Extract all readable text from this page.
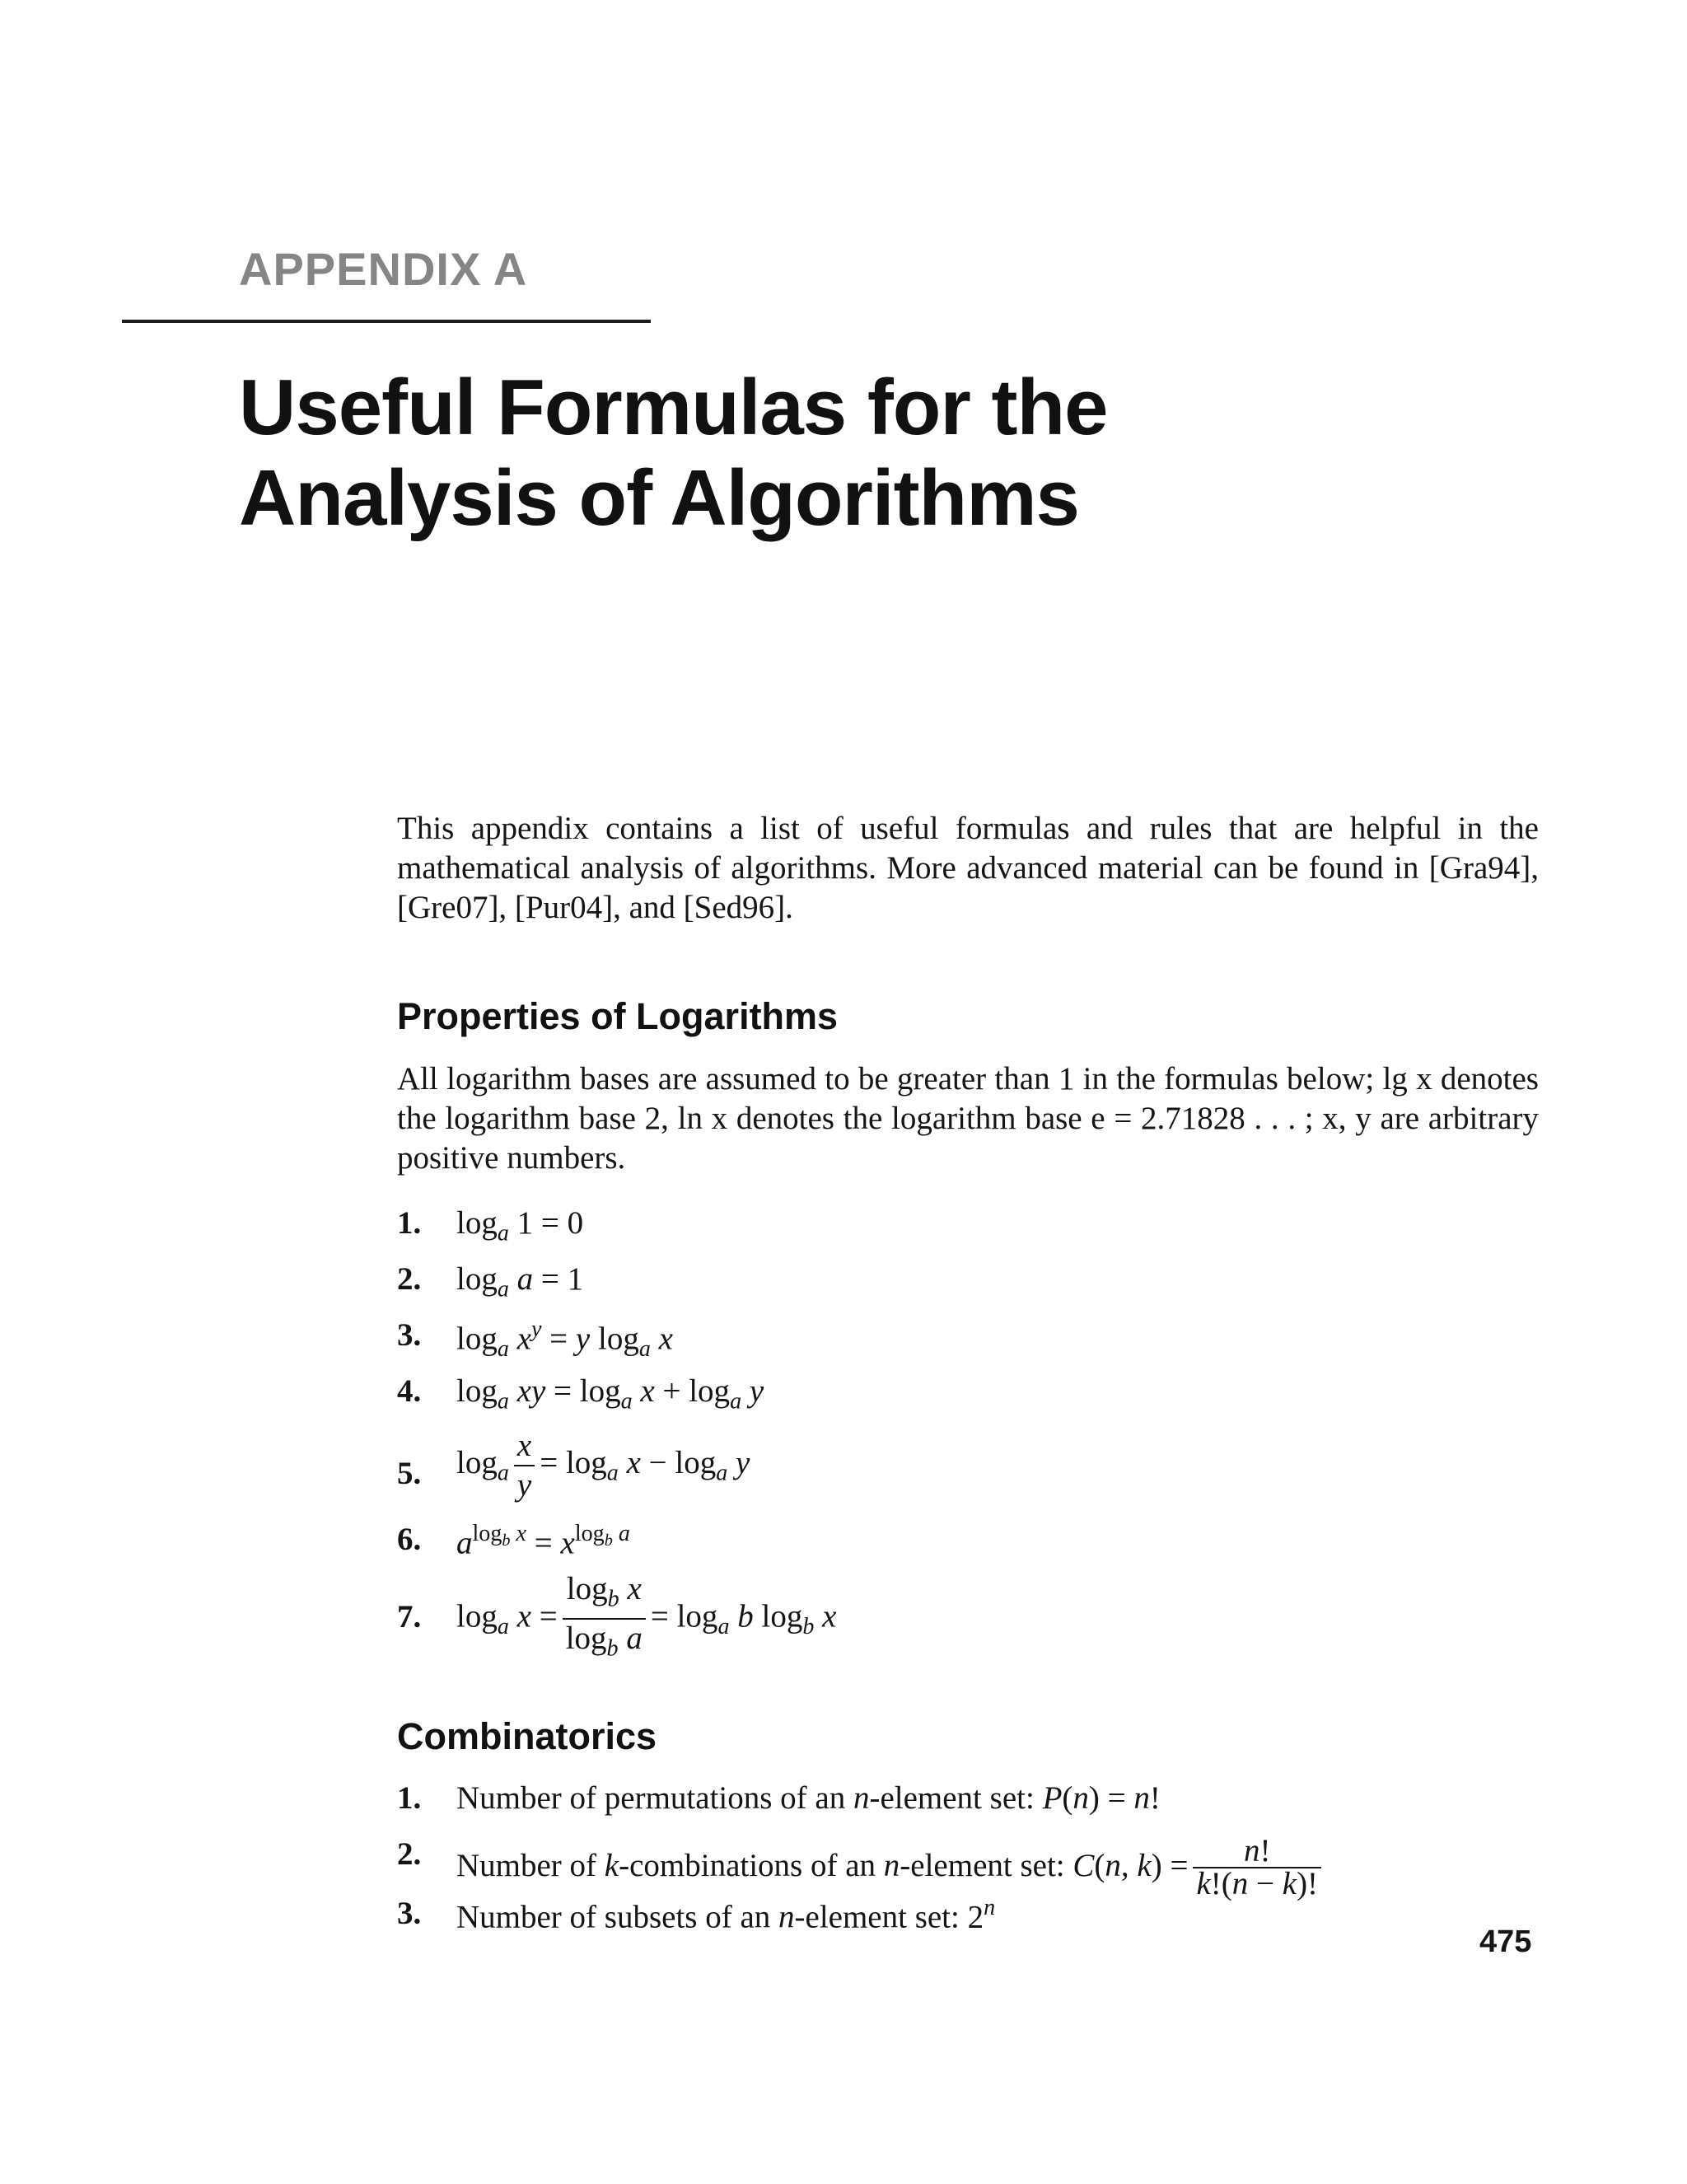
APPENDIX A
Useful Formulas for the
Analysis of Algorithms

This appendix contains a list of useful formulas and rules that are helpful in the mathematical analysis of algorithms. More advanced material can be found in [Gra94], [Gre07], [Pur04], and [Sed96].

Properties of Logarithms

All logarithm bases are assumed to be greater than 1 in the formulas below; lg x denotes the logarithm base 2, ln x denotes the logarithm base e = 2.71828 . . . ; x, y are arbitrary positive numbers.

1. $\log_a 1 = 0$
2. $\log_a a = 1$
3. $\log_a x^y = y$ $\log_a x$
4. $\log_a$ xy = $\log_a x + \log_a y$
5. $\log_a \frac{x}{y} = \log_a x - \log_a y$
6. $a^{log_b x} = x^{log_b a}$
7. $\log_a x = \frac{\log_b x}{\log_b a} = \log_a b$ $\log_b x$
Combinatorics
1. Number of permutations of an n-element set: P(n) = n!
2. Number of k-combinations of an n-element set: C(n, $k) = \frac{n!}{k!(n - k)!}$
3. Number of subsets of an n-element set: 2$^n$
475
